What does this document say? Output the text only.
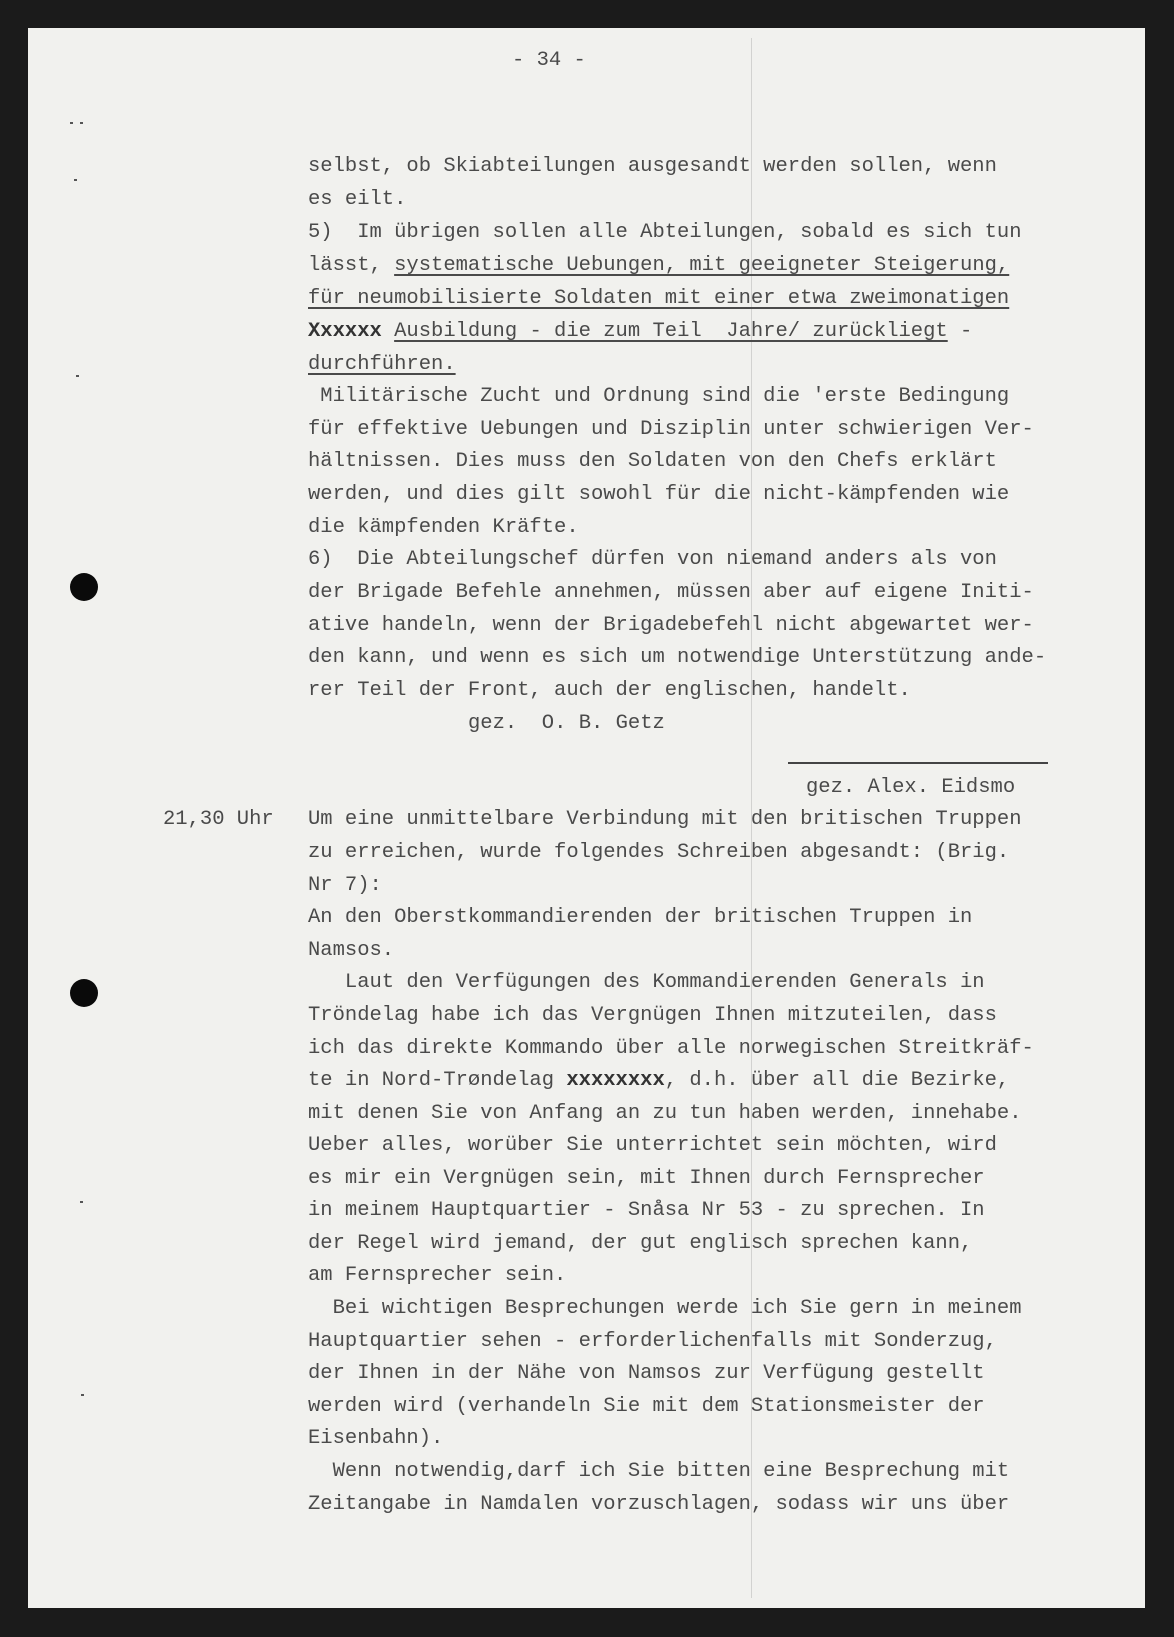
- 34 -
selbst, ob Skiabteilungen ausgesandt werden sollen, wenn
es eilt.
5)  Im übrigen sollen alle Abteilungen, sobald es sich tun
lässt, systematische Uebungen, mit geeigneter Steigerung,
für neumobilisierte Soldaten mit einer etwa zweimonatigen
Xxxxxx Ausbildung - die zum Teil  Jahre/ zurückliegt -
durchführen.
Militärische Zucht und Ordnung sind die 'erste Bedingung
für effektive Uebungen und Disziplin unter schwierigen Ver-
hältnissen. Dies muss den Soldaten von den Chefs erklärt
werden, und dies gilt sowohl für die nicht-kämpfenden wie
die kämpfenden Kräfte.
6)  Die Abteilungschef dürfen von niemand anders als von
der Brigade Befehle annehmen, müssen aber auf eigene Initi-
ative handeln, wenn der Brigadebefehl nicht abgewartet wer-
den kann, und wenn es sich um notwendige Unterstützung ande-
rer Teil der Front, auch der englischen, handelt.
gez.  O. B. Getz
gez. Alex. Eidsmo
21,30 Uhr Um eine unmittelbare Verbindung mit den britischen Truppen
zu erreichen, wurde folgendes Schreiben abgesandt: (Brig.
Nr 7):
An den Oberstkommandierenden der britischen Truppen in
Namsos.
Laut den Verfügungen des Kommandierenden Generals in
Tröndelag habe ich das Vergnügen Ihnen mitzuteilen, dass
ich das direkte Kommando über alle norwegischen Streitkräf-
te in Nord-Trøndelag xxxxxxxx, d.h. über all die Bezirke,
mit denen Sie von Anfang an zu tun haben werden, innehabe.
Ueber alles, worüber Sie unterrichtet sein möchten, wird
es mir ein Vergnügen sein, mit Ihnen durch Fernsprecher
in meinem Hauptquartier - Snåsa Nr 53 - zu sprechen. In
der Regel wird jemand, der gut englisch sprechen kann,
am Fernsprecher sein.
Bei wichtigen Besprechungen werde ich Sie gern in meinem
Hauptquartier sehen - erforderlichenfalls mit Sonderzug,
der Ihnen in der Nähe von Namsos zur Verfügung gestellt
werden wird (verhandeln Sie mit dem Stationsmeister der
Eisenbahn).
Wenn notwendig,darf ich Sie bitten eine Besprechung mit
Zeitangabe in Namdalen vorzuschlagen, sodass wir uns über
